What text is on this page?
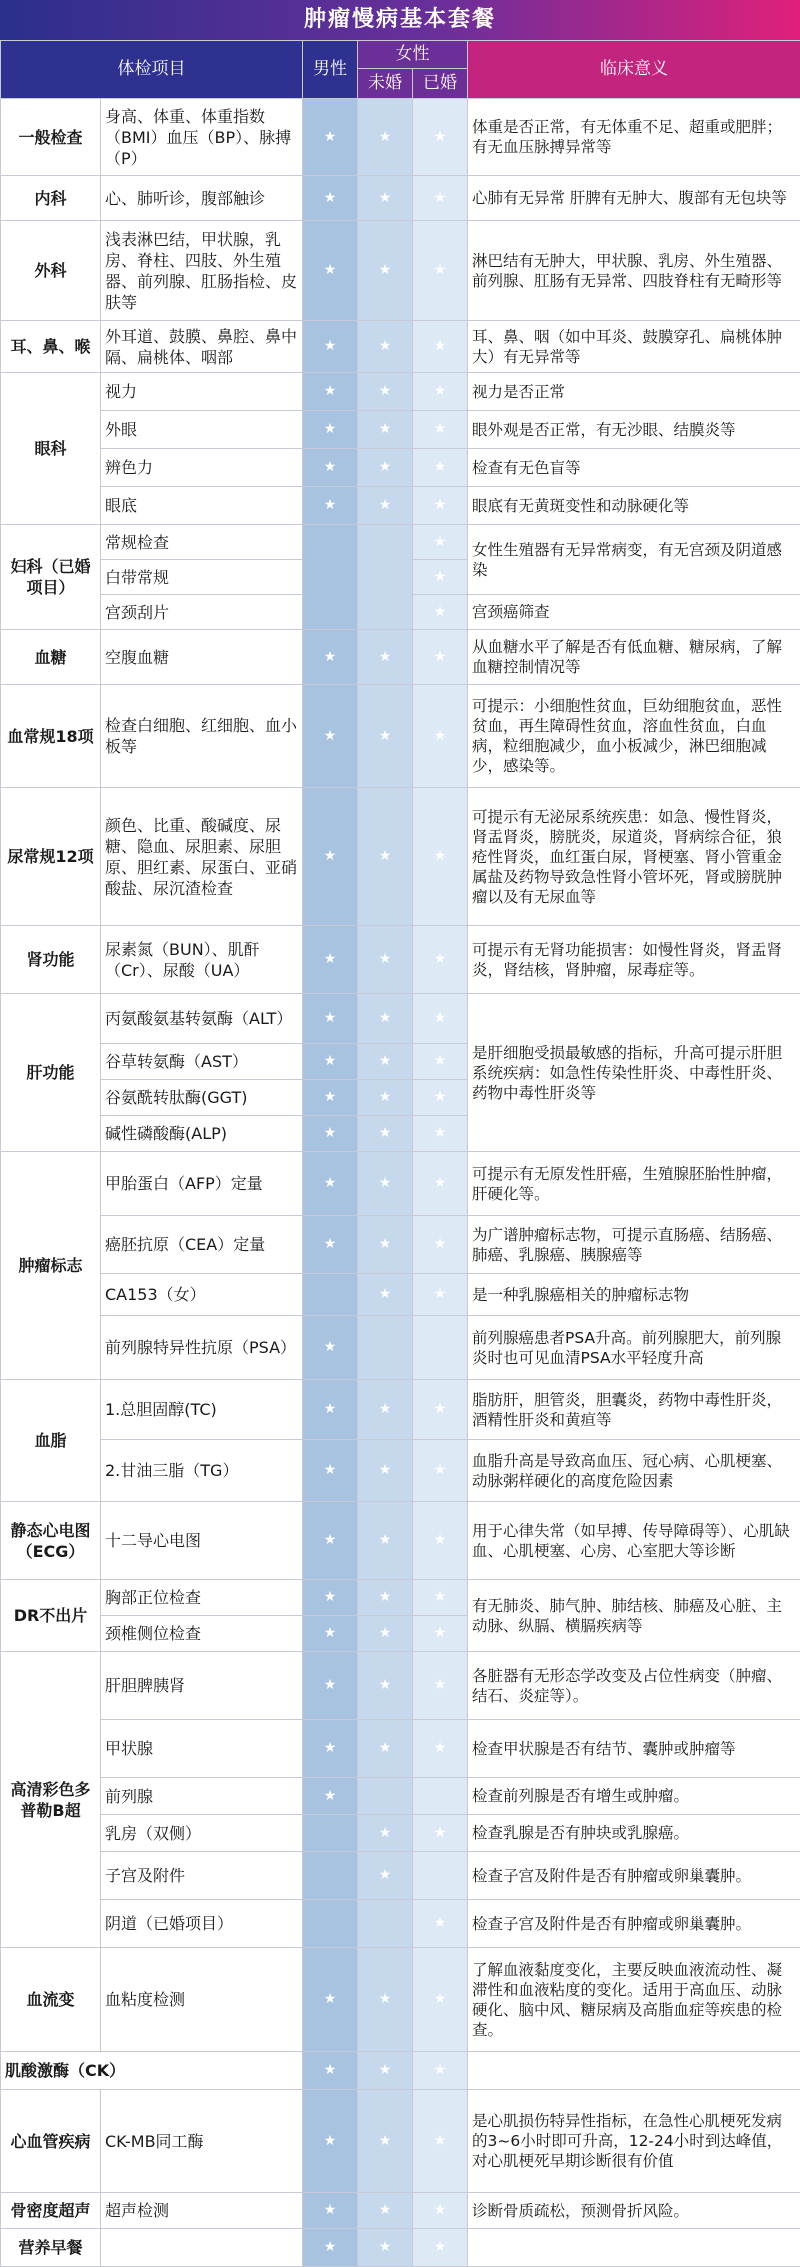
肿瘤慢病基本套餐
体检项目		男性	女性		临床意义
			未婚	已婚	
一般检查	身高、体重、体重指数（BMI）血压（BP）、脉搏（P）	★	★	★	体重是否正常，有无体重不足、超重或肥胖；有无血压脉搏异常等
内科	心、肺听诊，腹部触诊	★	★	★	心肺有无异常 肝脾有无肿大、腹部有无包块等
外科	浅表淋巴结，甲状腺，乳房、脊柱、四肢、外生殖器、前列腺、肛肠指检、皮肤等	★	★	★	淋巴结有无肿大，甲状腺、乳房、外生殖器、前列腺、肛肠有无异常、四肢脊柱有无畸形等
耳、鼻、喉	外耳道、鼓膜、鼻腔、鼻中隔、扁桃体、咽部	★	★	★	耳、鼻、咽（如中耳炎、鼓膜穿孔、扁桃体肿大）有无异常等
眼科	视力	★	★	★	视力是否正常
	外眼	★	★	★	眼外观是否正常，有无沙眼、结膜炎等
	辨色力	★	★	★	检查有无色盲等
	眼底	★	★	★	眼底有无黄斑变性和动脉硬化等
妇科（已婚项目）	常规检查			★	女性生殖器有无异常病变，有无宫颈及阴道感染
	白带常规			★	
	宫颈刮片			★	宫颈癌筛查
血糖	空腹血糖	★	★	★	从血糖水平了解是否有低血糖、糖尿病，了解血糖控制情况等
血常规18项	检查白细胞、红细胞、血小板等	★	★	★	可提示：小细胞性贫血，巨幼细胞贫血，恶性贫血，再生障碍性贫血，溶血性贫血，白血病，粒细胞减少，血小板减少，淋巴细胞减少，感染等。
尿常规12项	颜色、比重、酸碱度、尿糖、隐血、尿胆素、尿胆原、胆红素、尿蛋白、亚硝酸盐、尿沉渣检查	★	★	★	可提示有无泌尿系统疾患：如急、慢性肾炎，肾盂肾炎，膀胱炎，尿道炎，肾病综合征，狼疮性肾炎，血红蛋白尿，肾梗塞、肾小管重金属盐及药物导致急性肾小管坏死，肾或膀胱肿瘤以及有无尿血等
肾功能	尿素氮（BUN）、肌酐（Cr）、尿酸（UA）	★	★	★	可提示有无肾功能损害：如慢性肾炎，肾盂肾炎，肾结核，肾肿瘤，尿毒症等。
肝功能	丙氨酸氨基转氨酶（ALT）	★	★	★	是肝细胞受损最敏感的指标，升高可提示肝胆系统疾病：如急性传染性肝炎、中毒性肝炎、药物中毒性肝炎等
	谷草转氨酶（AST）	★	★	★	
	谷氨酰转肽酶(GGT)	★	★	★	
	碱性磷酸酶(ALP)	★	★	★	
肿瘤标志	甲胎蛋白（AFP）定量	★	★	★	可提示有无原发性肝癌，生殖腺胚胎性肿瘤，肝硬化等。
	癌胚抗原（CEA）定量	★	★	★	为广谱肿瘤标志物，可提示直肠癌、结肠癌、肺癌、乳腺癌、胰腺癌等
	CA153（女）		★	★	是一种乳腺癌相关的肿瘤标志物
	前列腺特异性抗原（PSA）	★			前列腺癌患者PSA升高。前列腺肥大，前列腺炎时也可见血清PSA水平轻度升高
血脂	1.总胆固醇(TC)	★	★	★	脂肪肝，胆管炎，胆囊炎，药物中毒性肝炎，酒精性肝炎和黄疸等
	2.甘油三脂（TG）	★	★	★	血脂升高是导致高血压、冠心病、心肌梗塞、动脉粥样硬化的高度危险因素
静态心电图（ECG）	十二导心电图	★	★	★	用于心律失常（如早搏、传导障碍等）、心肌缺血、心肌梗塞、心房、心室肥大等诊断
DR不出片	胸部正位检查	★	★	★	有无肺炎、肺气肿、肺结核、肺癌及心脏、主动脉、纵膈、横膈疾病等
	颈椎侧位检查	★	★	★	
高清彩色多普勒B超	肝胆脾胰肾	★	★	★	各脏器有无形态学改变及占位性病变（肿瘤、结石、炎症等）。
	甲状腺	★	★	★	检查甲状腺是否有结节、囊肿或肿瘤等
	前列腺	★			检查前列腺是否有增生或肿瘤。
	乳房（双侧）		★	★	检查乳腺是否有肿块或乳腺癌。
	子宫及附件		★		检查子宫及附件是否有肿瘤或卵巢囊肿。
	阴道（已婚项目）			★	检查子宫及附件是否有肿瘤或卵巢囊肿。
血流变	血粘度检测	★	★	★	了解血液黏度变化，主要反映血液流动性、凝滞性和血液粘度的变化。适用于高血压、动脉硬化、脑中风、糖尿病及高脂血症等疾患的检查。
肌酸激酶（CK）		★	★	★	
心血管疾病	CK-MB同工酶	★	★	★	是心肌损伤特异性指标，在急性心肌梗死发病的3~6小时即可升高，12-24小时到达峰值，对心肌梗死早期诊断很有价值
骨密度超声	超声检测	★	★	★	诊断骨质疏松，预测骨折风险。
营养早餐		★	★	★	
